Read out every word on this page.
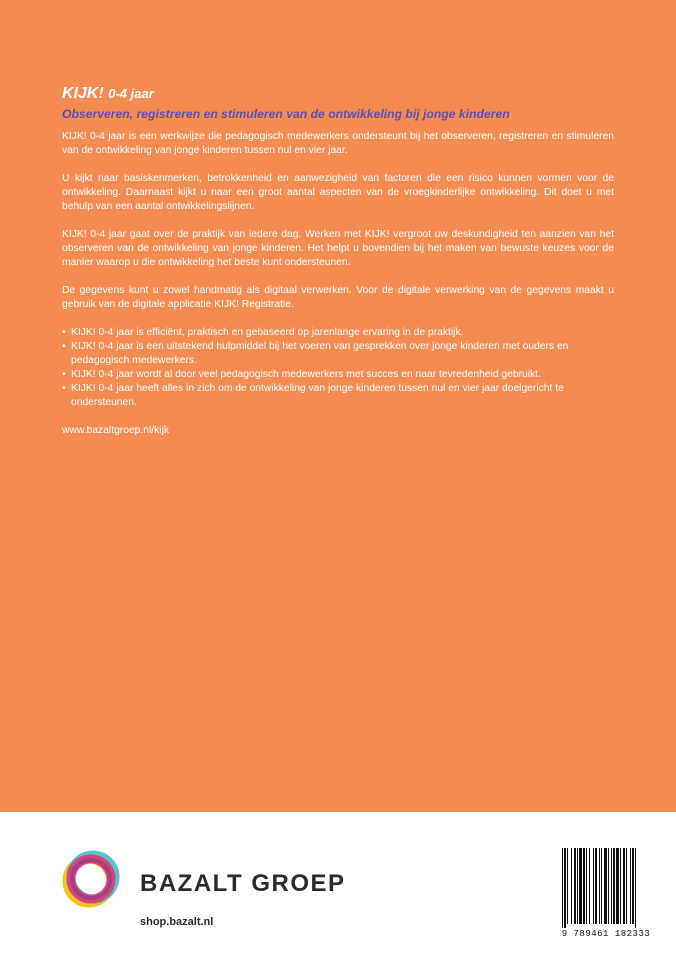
KIJK! 0-4 jaar

Observeren, registreren en stimuleren van de ontwikkeling bij jonge kinderen

KIJK! 0-4 jaar is een werkwijze die pedagogisch medewerkers ondersteunt bij het observeren, registreren en stimuleren van de ontwikkeling van jonge kinderen tussen nul en vier jaar.

U kijkt naar basiskenmerken, betrokkenheid en aanwezigheid van factoren die een risico kunnen vormen voor de ontwikkeling. Daarnaast kijkt u naar een groot aantal aspecten van de vroegkinderlijke ontwikkeling. Dit doet u met behulp van een aantal ontwikkelingslijnen.

KIJK! 0-4 jaar gaat over de praktijk van iedere dag. Werken met KIJK! vergroot uw deskundigheid ten aanzien van het observeren van de ontwikkeling van jonge kinderen. Het helpt u bovendien bij het maken van bewuste keuzes voor de manier waarop u die ontwikkeling het beste kunt ondersteunen.

De gegevens kunt u zowel handmatig als digitaal verwerken. Voor de digitale verwerking van de gegevens maakt u gebruik van de digitale applicatie KIJK! Registratie.

• KIJK! 0-4 jaar is efficiënt, praktisch en gebaseerd op jarenlange ervaring in de praktijk.
• KIJK! 0-4 jaar is een uitstekend hulpmiddel bij het voeren van gesprekken over jonge kinderen met ouders en pedagogisch medewerkers.
• KIJK! 0-4 jaar wordt al door veel pedagogisch medewerkers met succes en naar tevredenheid gebruikt.
• KIJK! 0-4 jaar heeft alles in zich om de ontwikkeling van jonge kinderen tussen nul en vier jaar doelgericht te ondersteunen.
www.bazaltgroep.nl/kijk
BAZALT GROEP
shop.bazalt.nl
9 789461 182333
